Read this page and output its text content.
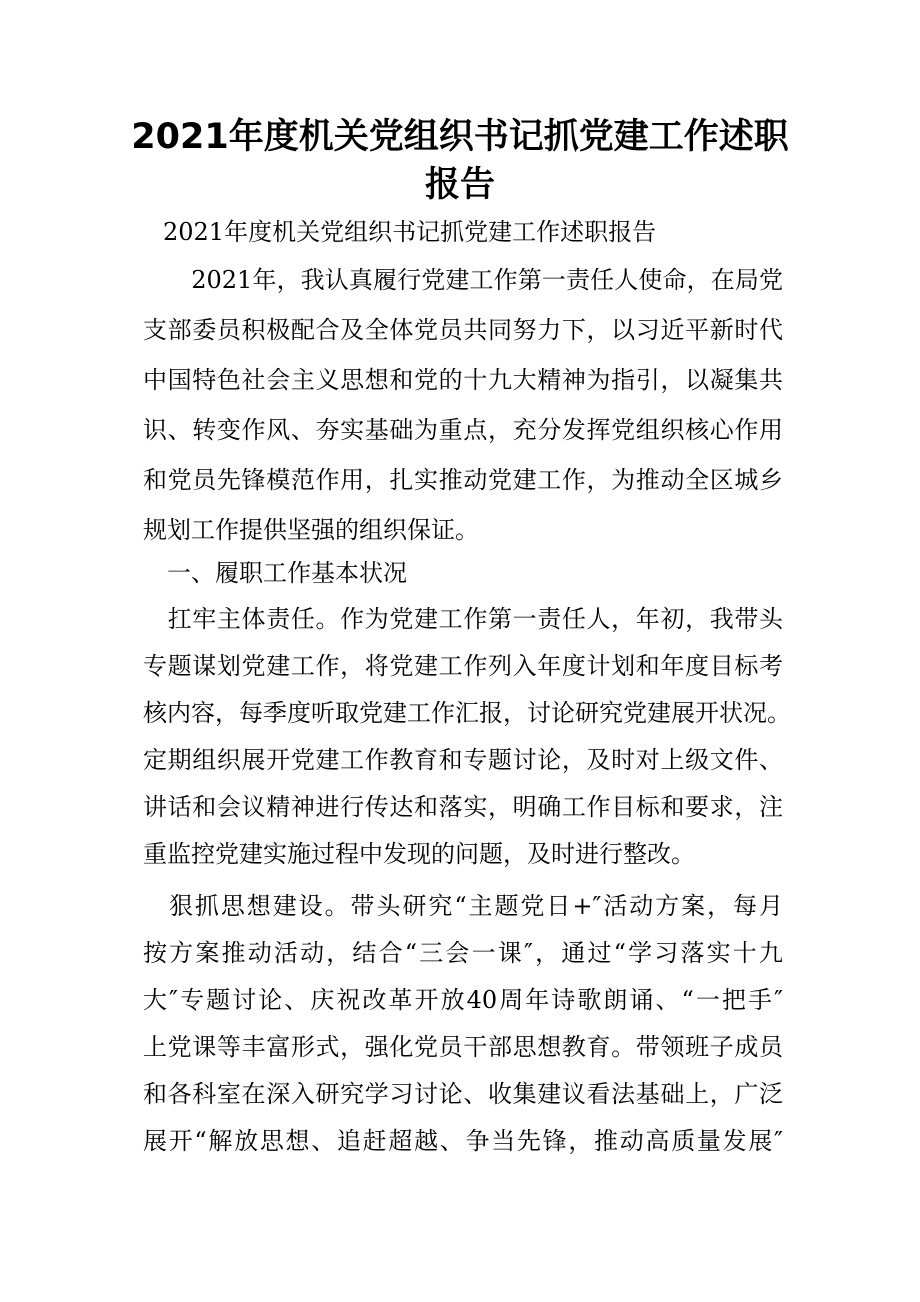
2021年度机关党组织书记抓党建工作述职
报告
2021年度机关党组织书记抓党建工作述职报告
　　2021年，我认真履行党建工作第一责任人使命，在局党
支部委员积极配合及全体党员共同努力下，以习近平新时代
中国特色社会主义思想和党的十九大精神为指引，以凝集共
识、转变作风、夯实基础为重点，充分发挥党组织核心作用
和党员先锋模范作用，扎实推动党建工作，为推动全区城乡
规划工作提供坚强的组织保证。
　一、履职工作基本状况
　扛牢主体责任。作为党建工作第一责任人，年初，我带头
专题谋划党建工作，将党建工作列入年度计划和年度目标考
核内容，每季度听取党建工作汇报，讨论研究党建展开状况。
定期组织展开党建工作教育和专题讨论，及时对上级文件、
讲话和会议精神进行传达和落实，明确工作目标和要求，注
重监控党建实施过程中发现的问题，及时进行整改。
　狠抓思想建设。带头研究“主题党日+″活动方案，每月
按方案推动活动，结合“三会一课″，通过“学习落实十九
大″专题讨论、庆祝改革开放40周年诗歌朗诵、“一把手″
上党课等丰富形式，强化党员干部思想教育。带领班子成员
和各科室在深入研究学习讨论、收集建议看法基础上，广泛
展开“解放思想、追赶超越、争当先锋，推动高质量发展″
